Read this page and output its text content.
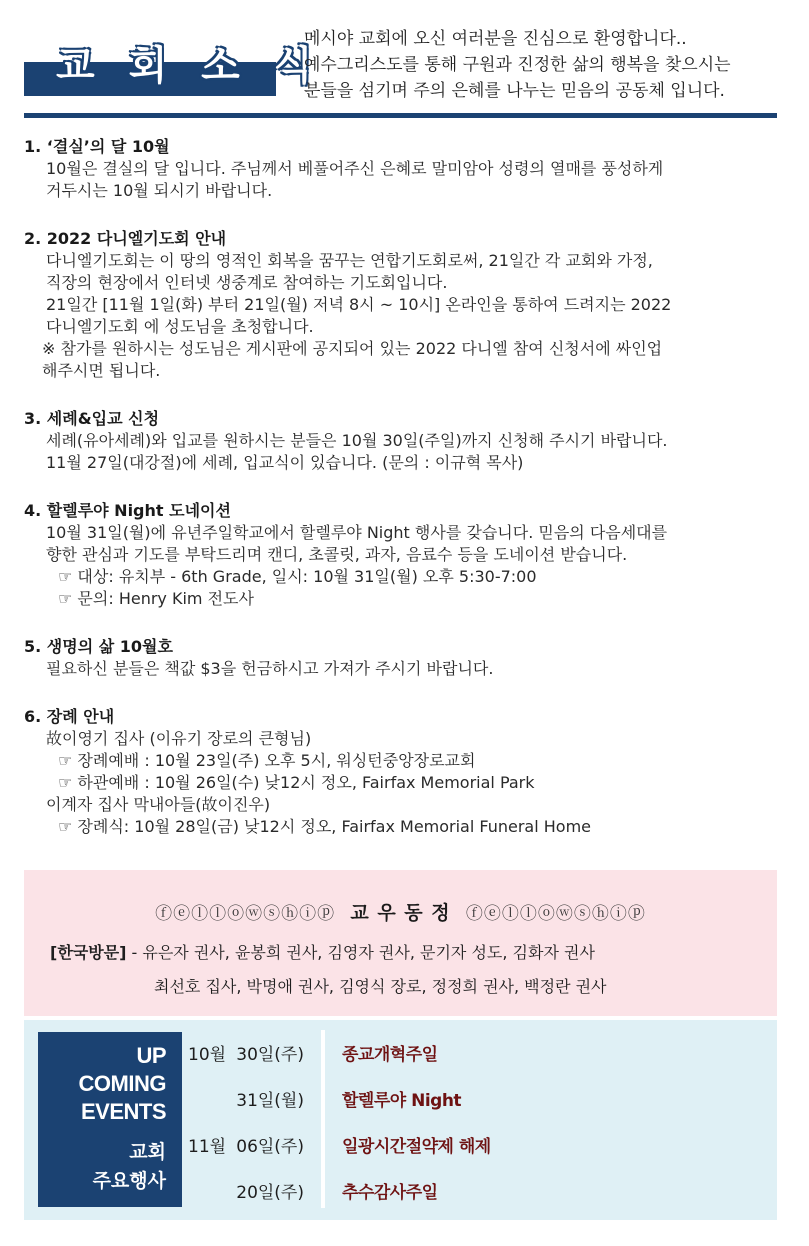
교 회 소 식
메시야 교회에 오신 여러분을 진심으로 환영합니다..
예수그리스도를 통해 구원과 진정한 삶의 행복을 찾으시는
분들을 섬기며 주의 은혜를 나누는 믿음의 공동체 입니다.
1. ‘결실’의 달 10월
10월은 결실의 달 입니다. 주님께서 베풀어주신 은혜로 말미암아 성령의 열매를 풍성하게
거두시는 10월 되시기 바랍니다.
2. 2022 다니엘기도회 안내
다니엘기도회는 이 땅의 영적인 회복을 꿈꾸는 연합기도회로써, 21일간 각 교회와 가정,
직장의 현장에서 인터넷 생중계로 참여하는 기도회입니다.
21일간 [11월 1일(화) 부터 21일(월) 저녁 8시 ~ 10시] 온라인을 통하여 드려지는 2022
다니엘기도회 에 성도님을 초청합니다.
※ 참가를 원하시는 성도님은 게시판에 공지되어 있는 2022 다니엘 참여 신청서에 싸인업
해주시면 됩니다.
3. 세례&입교 신청
세례(유아세례)와 입교를 원하시는 분들은 10월 30일(주일)까지 신청해 주시기 바랍니다.
11월 27일(대강절)에 세례, 입교식이 있습니다. (문의 : 이규혁 목사)
4. 할렐루야 Night 도네이션
10월 31일(월)에 유년주일학교에서 할렐루야 Night 행사를 갖습니다. 믿음의 다음세대를
향한 관심과 기도를 부탁드리며 캔디, 초콜릿, 과자, 음료수 등을 도네이션 받습니다.
☞ 대상: 유치부 - 6th Grade, 일시: 10월 31일(월) 오후 5:30-7:00
☞ 문의: Henry Kim 전도사
5. 생명의 삶 10월호
필요하신 분들은 책값 $3을 헌금하시고 가져가 주시기 바랍니다.
6. 장례 안내
故이영기 집사 (이유기 장로의 큰형님)
☞ 장례예배 : 10월 23일(주) 오후 5시, 워싱턴중앙장로교회
☞ 하관예배 : 10월 26일(수) 낮12시 정오, Fairfax Memorial Park
이계자 집사 막내아들(故이진우)
☞ 장례식: 10월 28일(금) 낮12시 정오, Fairfax Memorial Funeral Home
ⓕⓔⓛⓛⓞⓦⓢⓗⓘⓟ 교 우 동 정 ⓕⓔⓛⓛⓞⓦⓢⓗⓘⓟ
[한국방문] - 유은자 권사, 윤봉희 권사, 김영자 권사, 문기자 성도, 김화자 권사
최선호 집사, 박명애 권사, 김영식 장로, 정정희 권사, 백정란 권사
UP
COMING
EVENTS
교회
주요행사
10월 30일(주) 종교개혁주일
31일(월) 할렐루야 Night
11월 06일(주) 일광시간절약제 해제
20일(주) 추수감사주일
